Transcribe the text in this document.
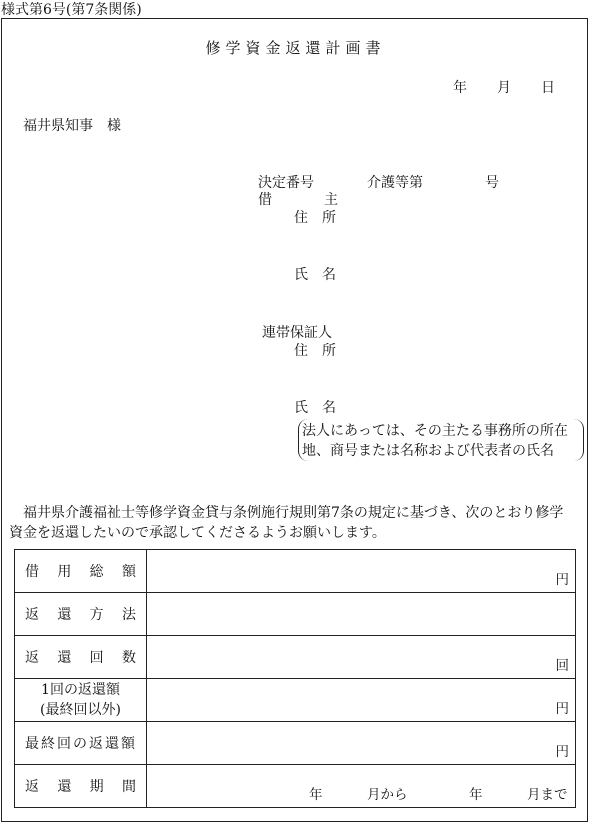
様式第6号(第7条関係)
修学資金返還計画書
年 月 日
福井県知事　様
決定番号	介護等第	号
借	主
住　所
氏　名
連帯保証人
住　所
氏　名
法人にあっては、その主たる事務所の所在
地、商号または名称および代表者の氏名
福井県介護福祉士等修学資金貸与条例施行規則第7条の規定に基づき、次のとおり修学
資金を返還したいので承認してくださるようお願いします。
借 用 総 額	円

返 還 方 法	

返 還 回 数	回

1回の返還額
(最終回以外)	円

最終回の返還額	円

返 還 期 間	年 月から 年 月まで
